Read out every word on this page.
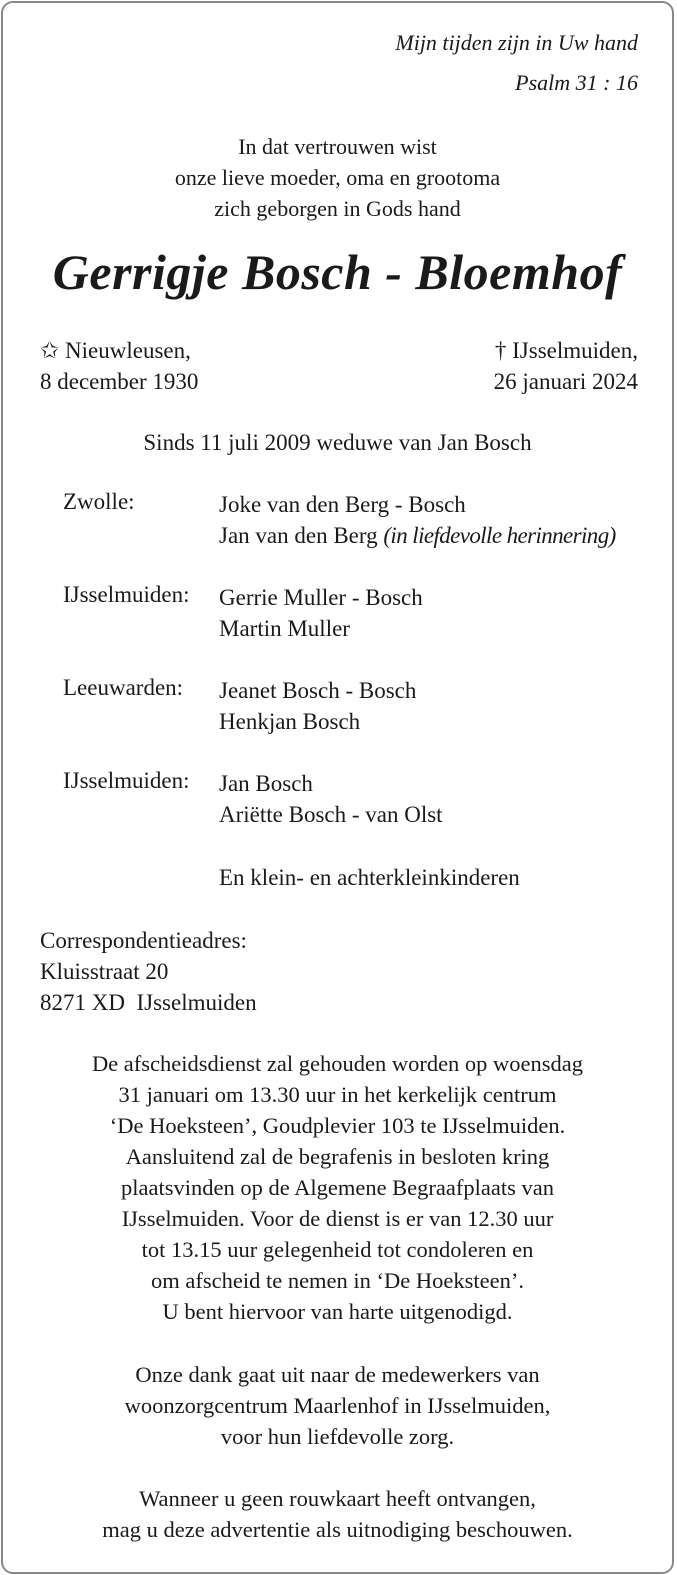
Mijn tijden zijn in Uw hand
Psalm 31 : 16
In dat vertrouwen wist
onze lieve moeder, oma en grootoma
zich geborgen in Gods hand
Gerrigje Bosch - Bloemhof
✩ Nieuwleusen,
8 december 1930
† IJsselmuiden,
26 januari 2024
Sinds 11 juli 2009 weduwe van Jan Bosch
Zwolle:	Joke van den Berg - Bosch
Jan van den Berg (in liefdevolle herinnering)
IJsselmuiden: Gerrie Muller - Bosch
Martin Muller
Leeuwarden: Jeanet Bosch - Bosch
Henkjan Bosch
IJsselmuiden: Jan Bosch
Ariëtte Bosch - van Olst
En klein- en achterkleinkinderen
Correspondentieadres:
Kluisstraat 20
8271 XD  IJsselmuiden
De afscheidsdienst zal gehouden worden op woensdag
31 januari om 13.30 uur in het kerkelijk centrum
‘De Hoeksteen’, Goudplevier 103 te IJsselmuiden.
Aansluitend zal de begrafenis in besloten kring
plaatsvinden op de Algemene Begraafplaats van
IJsselmuiden. Voor de dienst is er van 12.30 uur
tot 13.15 uur gelegenheid tot condoleren en
om afscheid te nemen in ‘De Hoeksteen’.
U bent hiervoor van harte uitgenodigd.
Onze dank gaat uit naar de medewerkers van
woonzorgcentrum Maarlenhof in IJsselmuiden,
voor hun liefdevolle zorg.
Wanneer u geen rouwkaart heeft ontvangen,
mag u deze advertentie als uitnodiging beschouwen.
